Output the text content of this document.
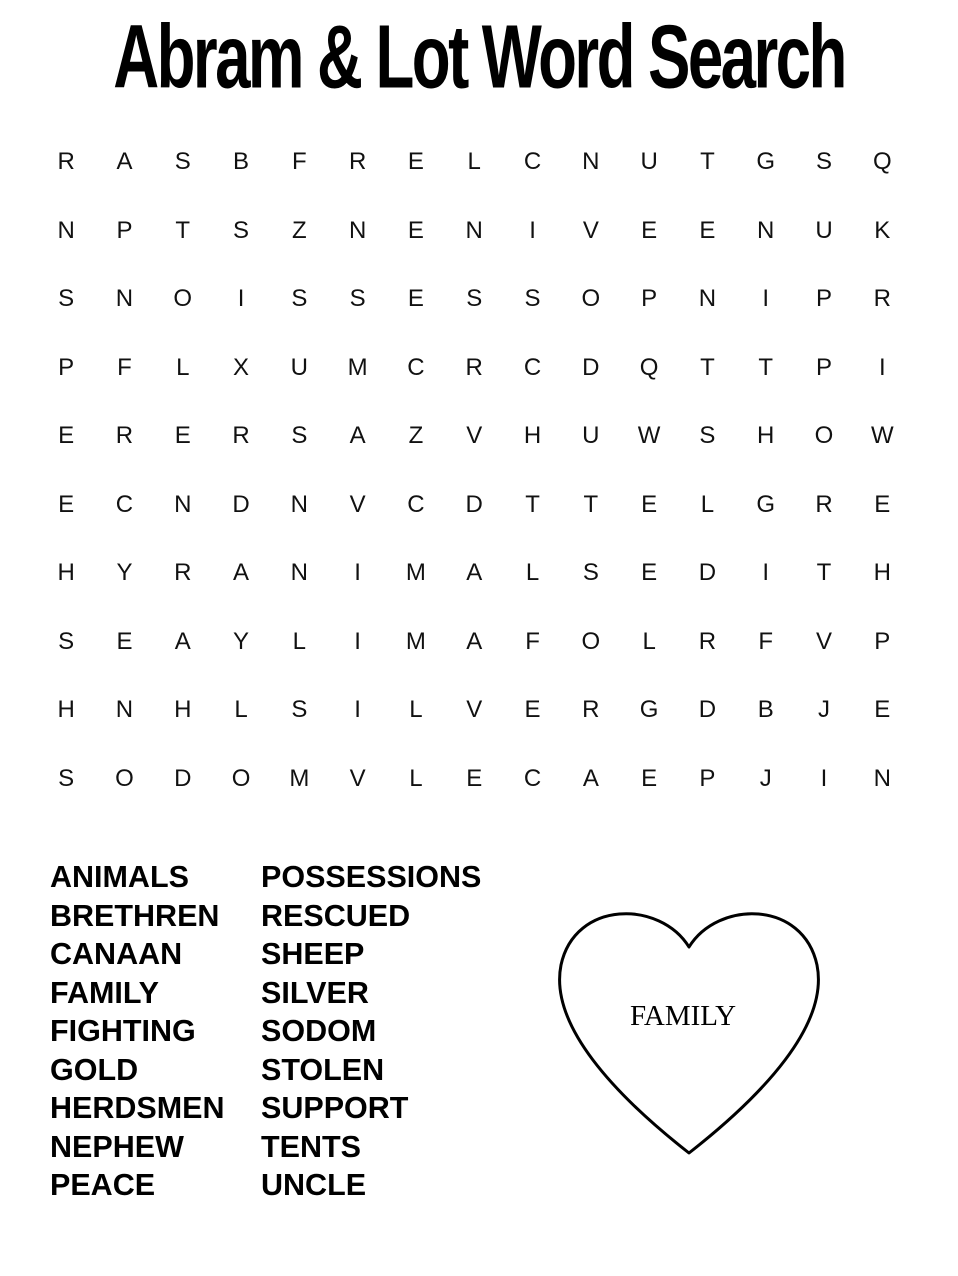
Abram & Lot Word Search
R	A	S	B	F	R	E	L	C	N	U	T	G	S	Q
N	P	T	S	Z	N	E	N	I	V	E	E	N	U	K
S	N	O	I	S	S	E	S	S	O	P	N	I	P	R
P	F	L	X	U	M	C	R	C	D	Q	T	T	P	I
E	R	E	R	S	A	Z	V	H	U	W	S	H	O	W
E	C	N	D	N	V	C	D	T	T	E	L	G	R	E
H	Y	R	A	N	I	M	A	L	S	E	D	I	T	H
S	E	A	Y	L	I	M	A	F	O	L	R	F	V	P
H	N	H	L	S	I	L	V	E	R	G	D	B	J	E
S	O	D	O	M	V	L	E	C	A	E	P	J	I	N
ANIMALS
BRETHREN
CANAAN
FAMILY
FIGHTING
GOLD
HERDSMEN
NEPHEW
PEACE
POSSESSIONS
RESCUED
SHEEP
SILVER
SODOM
STOLEN
SUPPORT
TENTS
UNCLE
FAMILY
